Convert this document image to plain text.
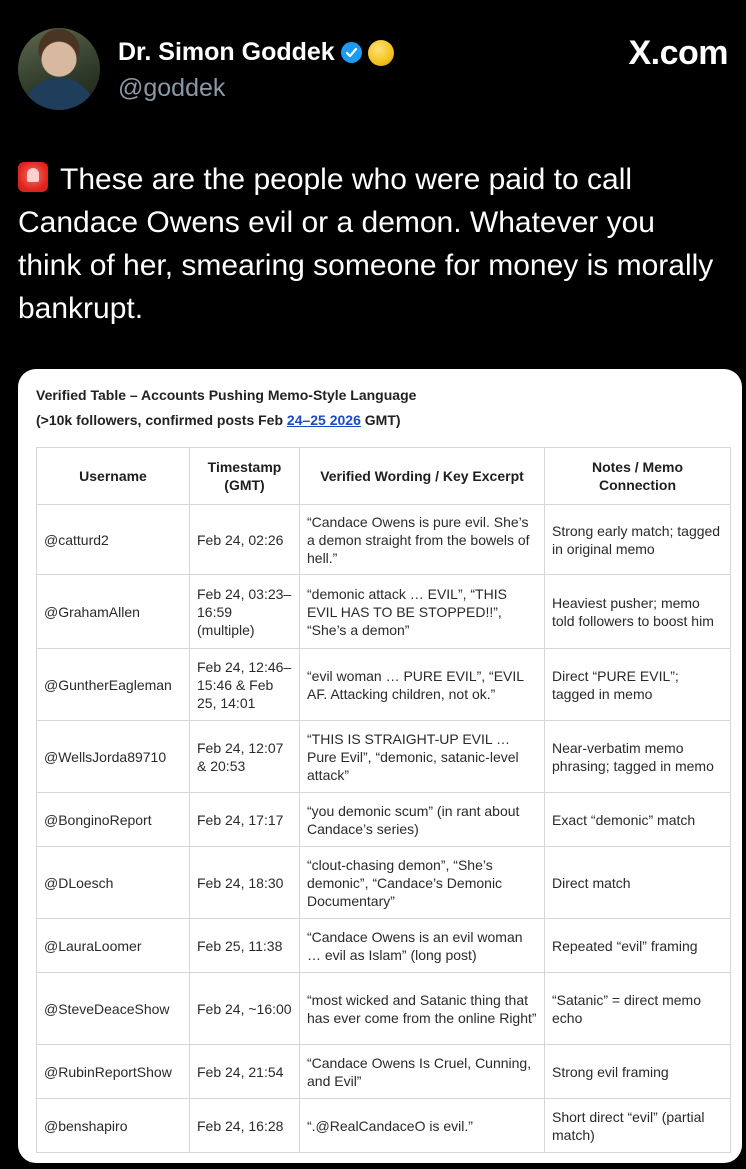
Dr. Simon Goddek
@goddek
X.com
These are the people who were paid to call Candace Owens evil or a demon. Whatever you think of her, smearing someone for money is morally bankrupt.
Verified Table – Accounts Pushing Memo-Style Language
(>10k followers, confirmed posts Feb 24–25 2026 GMT)
Username	Timestamp (GMT)	Verified Wording / Key Excerpt	Notes / Memo Connection
@catturd2	Feb 24, 02:26	“Candace Owens is pure evil. She’s a demon straight from the bowels of hell.”	Strong early match; tagged in original memo
@GrahamAllen	Feb 24, 03:23–16:59 (multiple)	“demonic attack … EVIL”, “THIS EVIL HAS TO BE STOPPED!!”, “She’s a demon”	Heaviest pusher; memo told followers to boost him
@GuntherEagleman	Feb 24, 12:46–15:46 & Feb 25, 14:01	“evil woman … PURE EVIL”, “EVIL AF. Attacking children, not ok.”	Direct “PURE EVIL”; tagged in memo
@WellsJorda89710	Feb 24, 12:07 & 20:53	“THIS IS STRAIGHT-UP EVIL … Pure Evil”, “demonic, satanic-level attack”	Near-verbatim memo phrasing; tagged in memo
@BonginoReport	Feb 24, 17:17	“you demonic scum” (in rant about Candace’s series)	Exact “demonic” match
@DLoesch	Feb 24, 18:30	“clout-chasing demon”, “She’s demonic”, “Candace’s Demonic Documentary”	Direct match
@LauraLoomer	Feb 25, 11:38	“Candace Owens is an evil woman … evil as Islam” (long post)	Repeated “evil” framing
@SteveDeaceShow	Feb 24, ~16:00	“most wicked and Satanic thing that has ever come from the online Right”	“Satanic” = direct memo echo
@RubinReportShow	Feb 24, 21:54	“Candace Owens Is Cruel, Cunning, and Evil”	Strong evil framing
@benshapiro	Feb 24, 16:28	“.@RealCandaceO is evil.”	Short direct “evil” (partial match)
